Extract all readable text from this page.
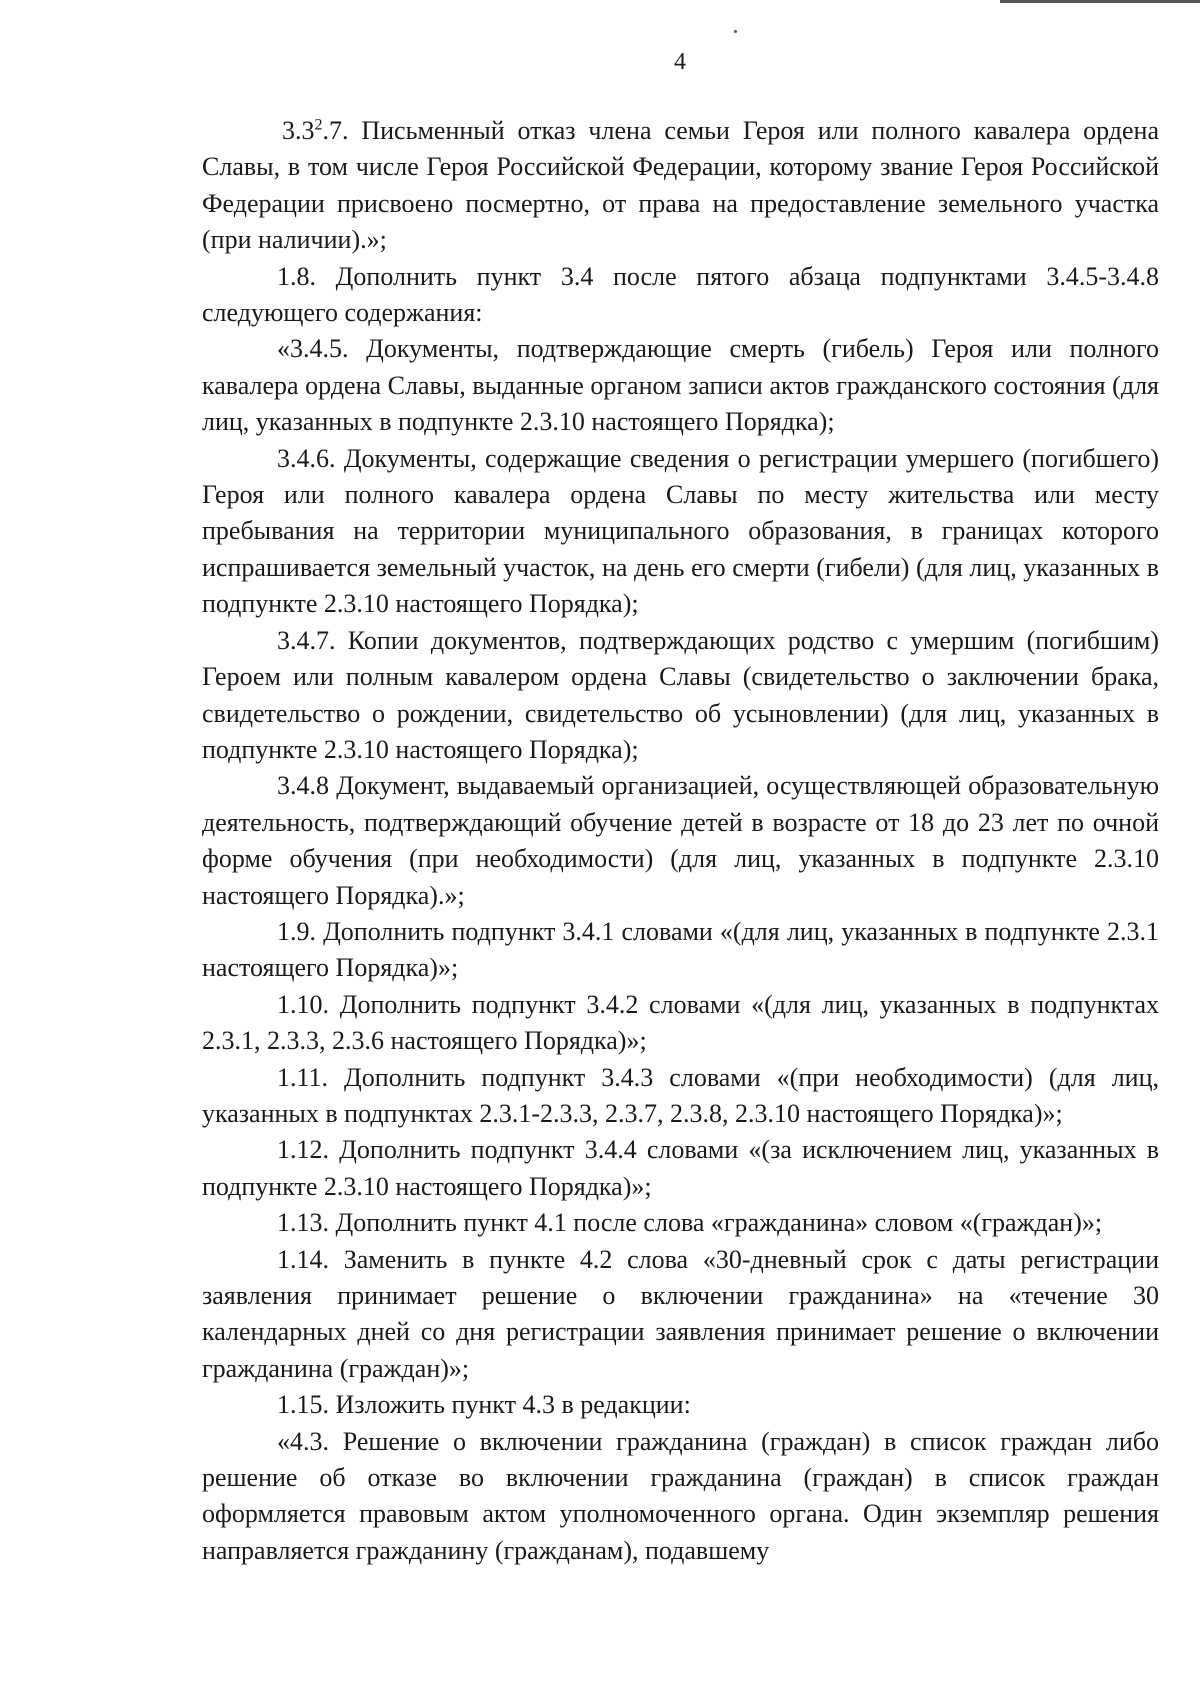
4

$3.3^2.7$. Письменный отказ члена семьи Героя или полного кавалера ордена Славы, в том числе Героя Российской Федерации, которому звание Героя Российской Федерации присвоено посмертно, от права на предоставление земельного участка (при наличии).»;

1.8. Дополнить пункт 3.4 после пятого абзаца подпунктами 3.4.5-3.4.8 следующего содержания:

«3.4.5. Документы, подтверждающие смерть (гибель) Героя или полного кавалера ордена Славы, выданные органом записи актов гражданского состояния (для лиц, указанных в подпункте 2.3.10 настоящего Порядка);

3.4.6. Документы, содержащие сведения о регистрации умершего (погибшего) Героя или полного кавалера ордена Славы по месту жительства или месту пребывания на территории муниципального образования, в границах которого испрашивается земельный участок, на день его смерти (гибели) (для лиц, указанных в подпункте 2.3.10 настоящего Порядка);

3.4.7. Копии документов, подтверждающих родство с умершим (погибшим) Героем или полным кавалером ордена Славы (свидетельство о заключении брака, свидетельство о рождении, свидетельство об усыновлении) (для лиц, указанных в подпункте 2.3.10 настоящего Порядка);

3.4.8 Документ, выдаваемый организацией, осуществляющей образовательную деятельность, подтверждающий обучение детей в возрасте от 18 до 23 лет по очной форме обучения (при необходимости) (для лиц, указанных в подпункте 2.3.10 настоящего Порядка).»;

1.9. Дополнить подпункт 3.4.1 словами «(для лиц, указанных в подпункте 2.3.1 настоящего Порядка)»;

1.10. Дополнить подпункт 3.4.2 словами «(для лиц, указанных в подпунктах 2.3.1, 2.3.3, 2.3.6 настоящего Порядка)»;

1.11. Дополнить подпункт 3.4.3 словами «(при необходимости) (для лиц, указанных в подпунктах 2.3.1-2.3.3, 2.3.7, 2.3.8, 2.3.10 настоящего Порядка)»;

1.12. Дополнить подпункт 3.4.4 словами «(за исключением лиц, указанных в подпункте 2.3.10 настоящего Порядка)»;

1.13. Дополнить пункт 4.1 после слова «гражданина» словом «(граждан)»;

1.14. Заменить в пункте 4.2 слова «30-дневный срок с даты регистрации заявления принимает решение о включении гражданина» на «течение 30 календарных дней со дня регистрации заявления принимает решение о включении гражданина (граждан)»;

1.15. Изложить пункт 4.3 в редакции:

«4.3. Решение о включении гражданина (граждан) в список граждан либо решение об отказе во включении гражданина (граждан) в список граждан оформляется правовым актом уполномоченного органа. Один экземпляр решения направляется гражданину (гражданам), подавшему
